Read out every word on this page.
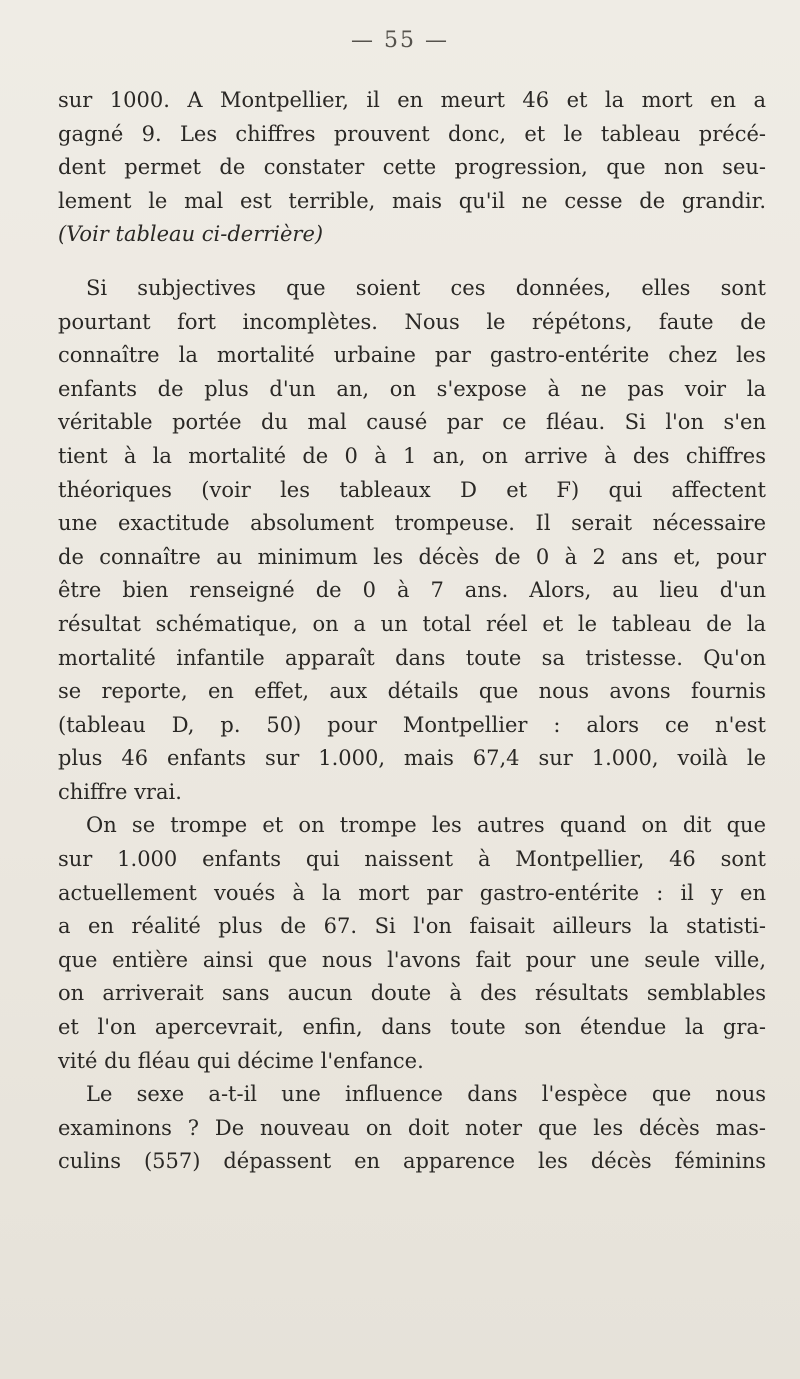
— 55 —
sur 1000. A Montpellier, il en meurt 46 et la mort en a
gagné 9. Les chiffres prouvent donc, et le tableau précé-
dent permet de constater cette progression, que non seu-
lement le mal est terrible, mais qu'il ne cesse de grandir.
(Voir tableau ci-derrière)
Si subjectives que soient ces données, elles sont
pourtant fort incomplètes. Nous le répétons, faute de
connaître la mortalité urbaine par gastro-entérite chez les
enfants de plus d'un an, on s'expose à ne pas voir la
véritable portée du mal causé par ce fléau. Si l'on s'en
tient à la mortalité de 0 à 1 an, on arrive à des chiffres
théoriques (voir les tableaux D et F) qui affectent
une exactitude absolument trompeuse. Il serait nécessaire
de connaître au minimum les décès de 0 à 2 ans et, pour
être bien renseigné de 0 à 7 ans. Alors, au lieu d'un
résultat schématique, on a un total réel et le tableau de la
mortalité infantile apparaît dans toute sa tristesse. Qu'on
se reporte, en effet, aux détails que nous avons fournis
(tableau D, p. 50) pour Montpellier : alors ce n'est
plus 46 enfants sur 1.000, mais 67,4 sur 1.000, voilà le
chiffre vrai.
On se trompe et on trompe les autres quand on dit que
sur 1.000 enfants qui naissent à Montpellier, 46 sont
actuellement voués à la mort par gastro-entérite : il y en
a en réalité plus de 67. Si l'on faisait ailleurs la statisti-
que entière ainsi que nous l'avons fait pour une seule ville,
on arriverait sans aucun doute à des résultats semblables
et l'on apercevrait, enfin, dans toute son étendue la gra-
vité du fléau qui décime l'enfance.
Le sexe a-t-il une influence dans l'espèce que nous
examinons ? De nouveau on doit noter que les décès mas-
culins (557) dépassent en apparence les décès féminins
